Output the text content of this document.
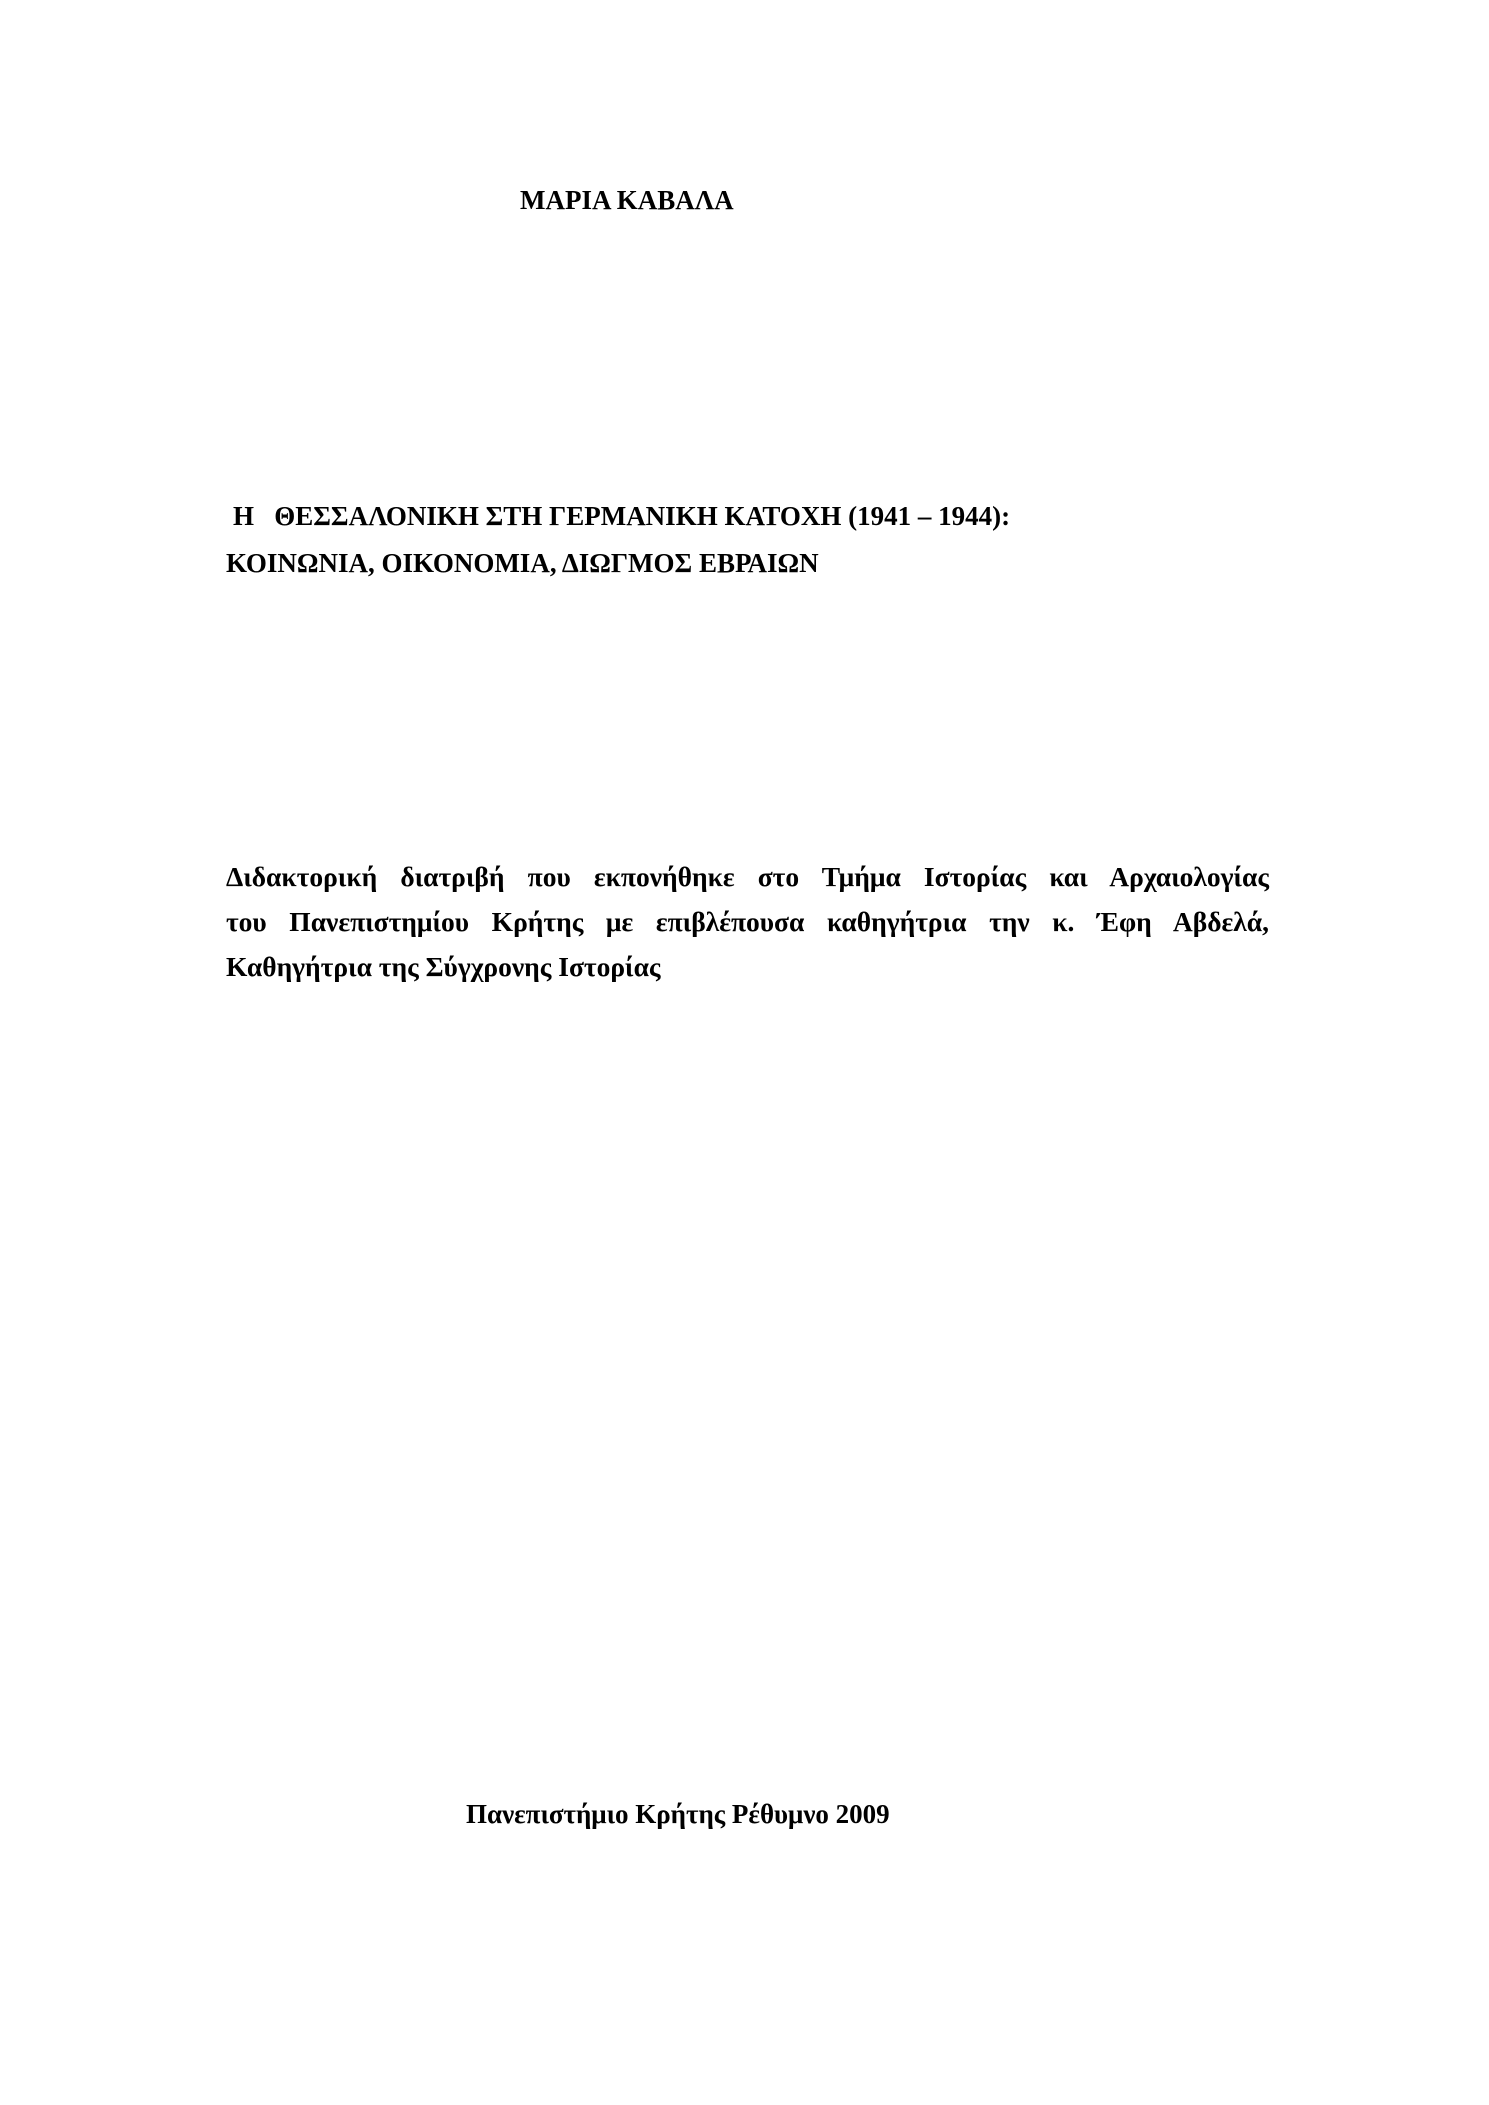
ΜΑΡΙΑ ΚΑΒΑΛΑ
Η   ΘΕΣΣΑΛΟΝΙΚΗ ΣΤΗ ΓΕΡΜΑΝΙΚΗ ΚΑΤΟΧΗ (1941 – 1944):
ΚΟΙΝΩΝΙΑ, ΟΙΚΟΝΟΜΙΑ, ΔΙΩΓΜΟΣ ΕΒΡΑΙΩΝ
Διδακτορική διατριβή που εκπονήθηκε στο Τμήμα Ιστορίας και Αρχαιολογίας
του Πανεπιστημίου Κρήτης με επιβλέπουσα καθηγήτρια την κ. Έφη Αβδελά,
Καθηγήτρια της Σύγχρονης Ιστορίας
Πανεπιστήμιο Κρήτης Ρέθυμνο 2009
